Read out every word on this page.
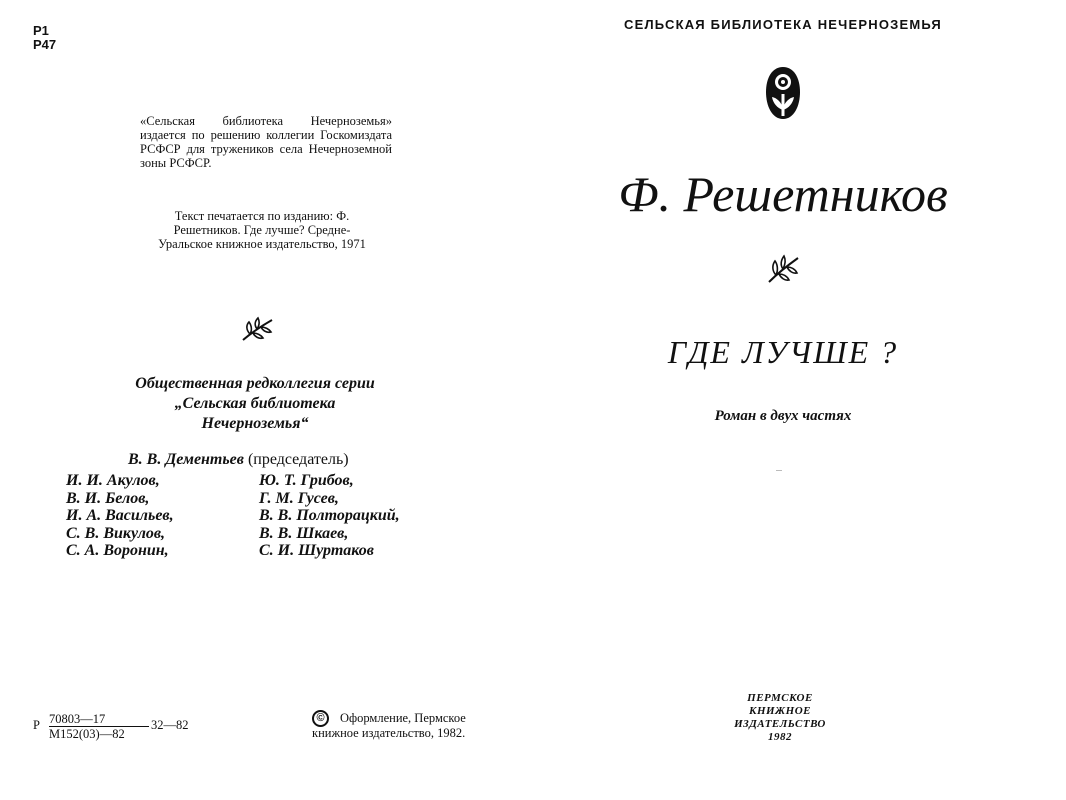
Р1
Р47
«Сельская библиотека Нечерноземья» издается по решению коллегии Госкомиздата РСФСР для тружеников села Нечерноземной зоны РСФСР.
Текст печатается по изданию: Ф. Решетников. Где лучше? Средне-Уральское книжное издательство, 1971
Общественная редколлегия серии „Сельская библиотека Нечерноземья“
В. В. Дементьев (председатель)
И. И. Акулов,
В. И. Белов,
И. А. Васильев,
С. В. Викулов,
С. А. Воронин,
Ю. Т. Грибов,
Г. М. Гусев,
В. В. Полторацкий,
В. В. Шкаев,
С. И. Шуртаков
Р 70803—17
М152(03)—82
32—82	©	Оформление, Пермское книжное издательство, 1982.
СЕЛЬСКАЯ БИБЛИОТЕКА НЕЧЕРНОЗЕМЬЯ
Ф. Решетников
ГДЕ ЛУЧШЕ ?
Роман в двух частях
ПЕРМСКОЕ
КНИЖНОЕ
ИЗДАТЕЛЬСТВО
1982
